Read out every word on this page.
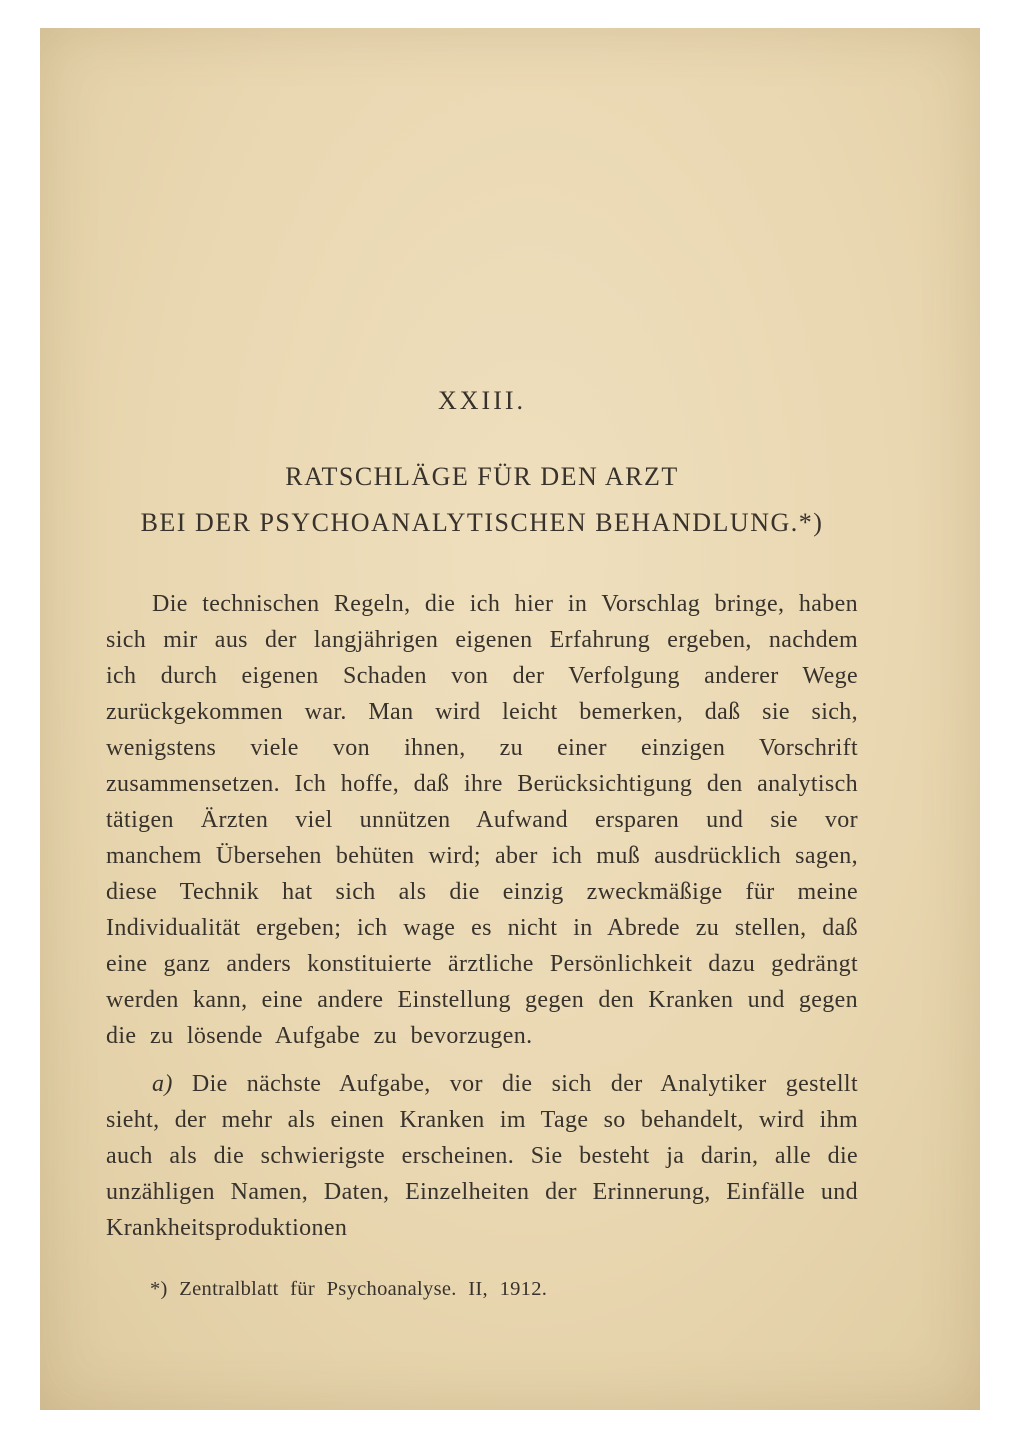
XXIII.
RATSCHLÄGE FÜR DEN ARZT
BEI DER PSYCHOANALYTISCHEN BEHANDLUNG.*)

Die technischen Regeln, die ich hier in Vorschlag bringe, haben sich mir aus der langjährigen eigenen Erfahrung ergeben, nachdem ich durch eigenen Schaden von der Verfolgung anderer Wege zurückgekommen war. Man wird leicht bemerken, daß sie sich, wenigstens viele von ihnen, zu einer einzigen Vorschrift zusammensetzen. Ich hoffe, daß ihre Berücksichtigung den analytisch tätigen Ärzten viel unnützen Aufwand ersparen und sie vor manchem Übersehen behüten wird; aber ich muß ausdrücklich sagen, diese Technik hat sich als die einzig zweckmäßige für meine Individualität ergeben; ich wage es nicht in Abrede zu stellen, daß eine ganz anders konstituierte ärztliche Persönlichkeit dazu gedrängt werden kann, eine andere Einstellung gegen den Kranken und gegen die zu lösende Aufgabe zu bevorzugen.

a) Die nächste Aufgabe, vor die sich der Analytiker gestellt sieht, der mehr als einen Kranken im Tage so behandelt, wird ihm auch als die schwierigste erscheinen. Sie besteht ja darin, alle die unzähligen Namen, Daten, Einzelheiten der Erinnerung, Einfälle und Krankheitsproduktionen

*) Zentralblatt für Psychoanalyse. II, 1912.
